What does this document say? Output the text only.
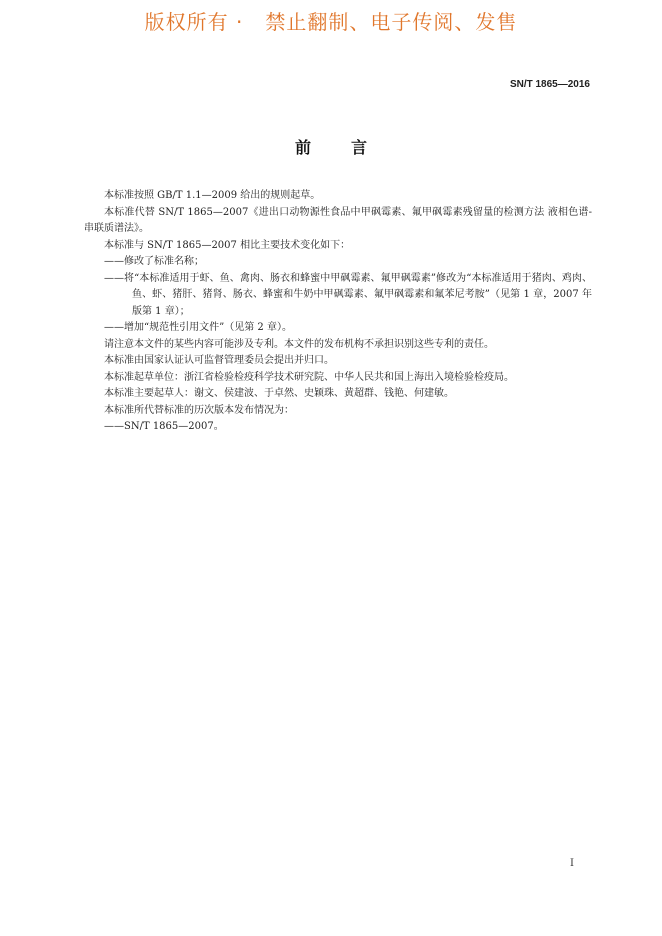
版权所有 ·   禁止翻制、电子传阅、发售
SN/T 1865—2016
前言

本标准按照 GB/T 1.1—2009 给出的规则起草。

本标准代替 SN/T 1865—2007《进出口动物源性食品中甲砜霉素、氟甲砜霉素残留量的检测方法 液相色谱-串联质谱法》。

本标准与 SN/T 1865—2007 相比主要技术变化如下：

——修改了标准名称；

——将“本标准适用于虾、鱼、禽肉、肠衣和蜂蜜中甲砜霉素、氟甲砜霉素”修改为“本标准适用于猪肉、鸡肉、鱼、虾、猪肝、猪肾、肠衣、蜂蜜和牛奶中甲砜霉素、氟甲砜霉素和氟苯尼考胺”（见第 1 章，2007 年版第 1 章）；

——增加“规范性引用文件”（见第 2 章）。

请注意本文件的某些内容可能涉及专利。本文件的发布机构不承担识别这些专利的责任。

本标准由国家认证认可监督管理委员会提出并归口。

本标准起草单位：浙江省检验检疫科学技术研究院、中华人民共和国上海出入境检验检疫局。

本标准主要起草人：谢文、侯建波、于卓然、史颖珠、黄超群、钱艳、何建敏。

本标准所代替标准的历次版本发布情况为：

——SN/T 1865—2007。

I
